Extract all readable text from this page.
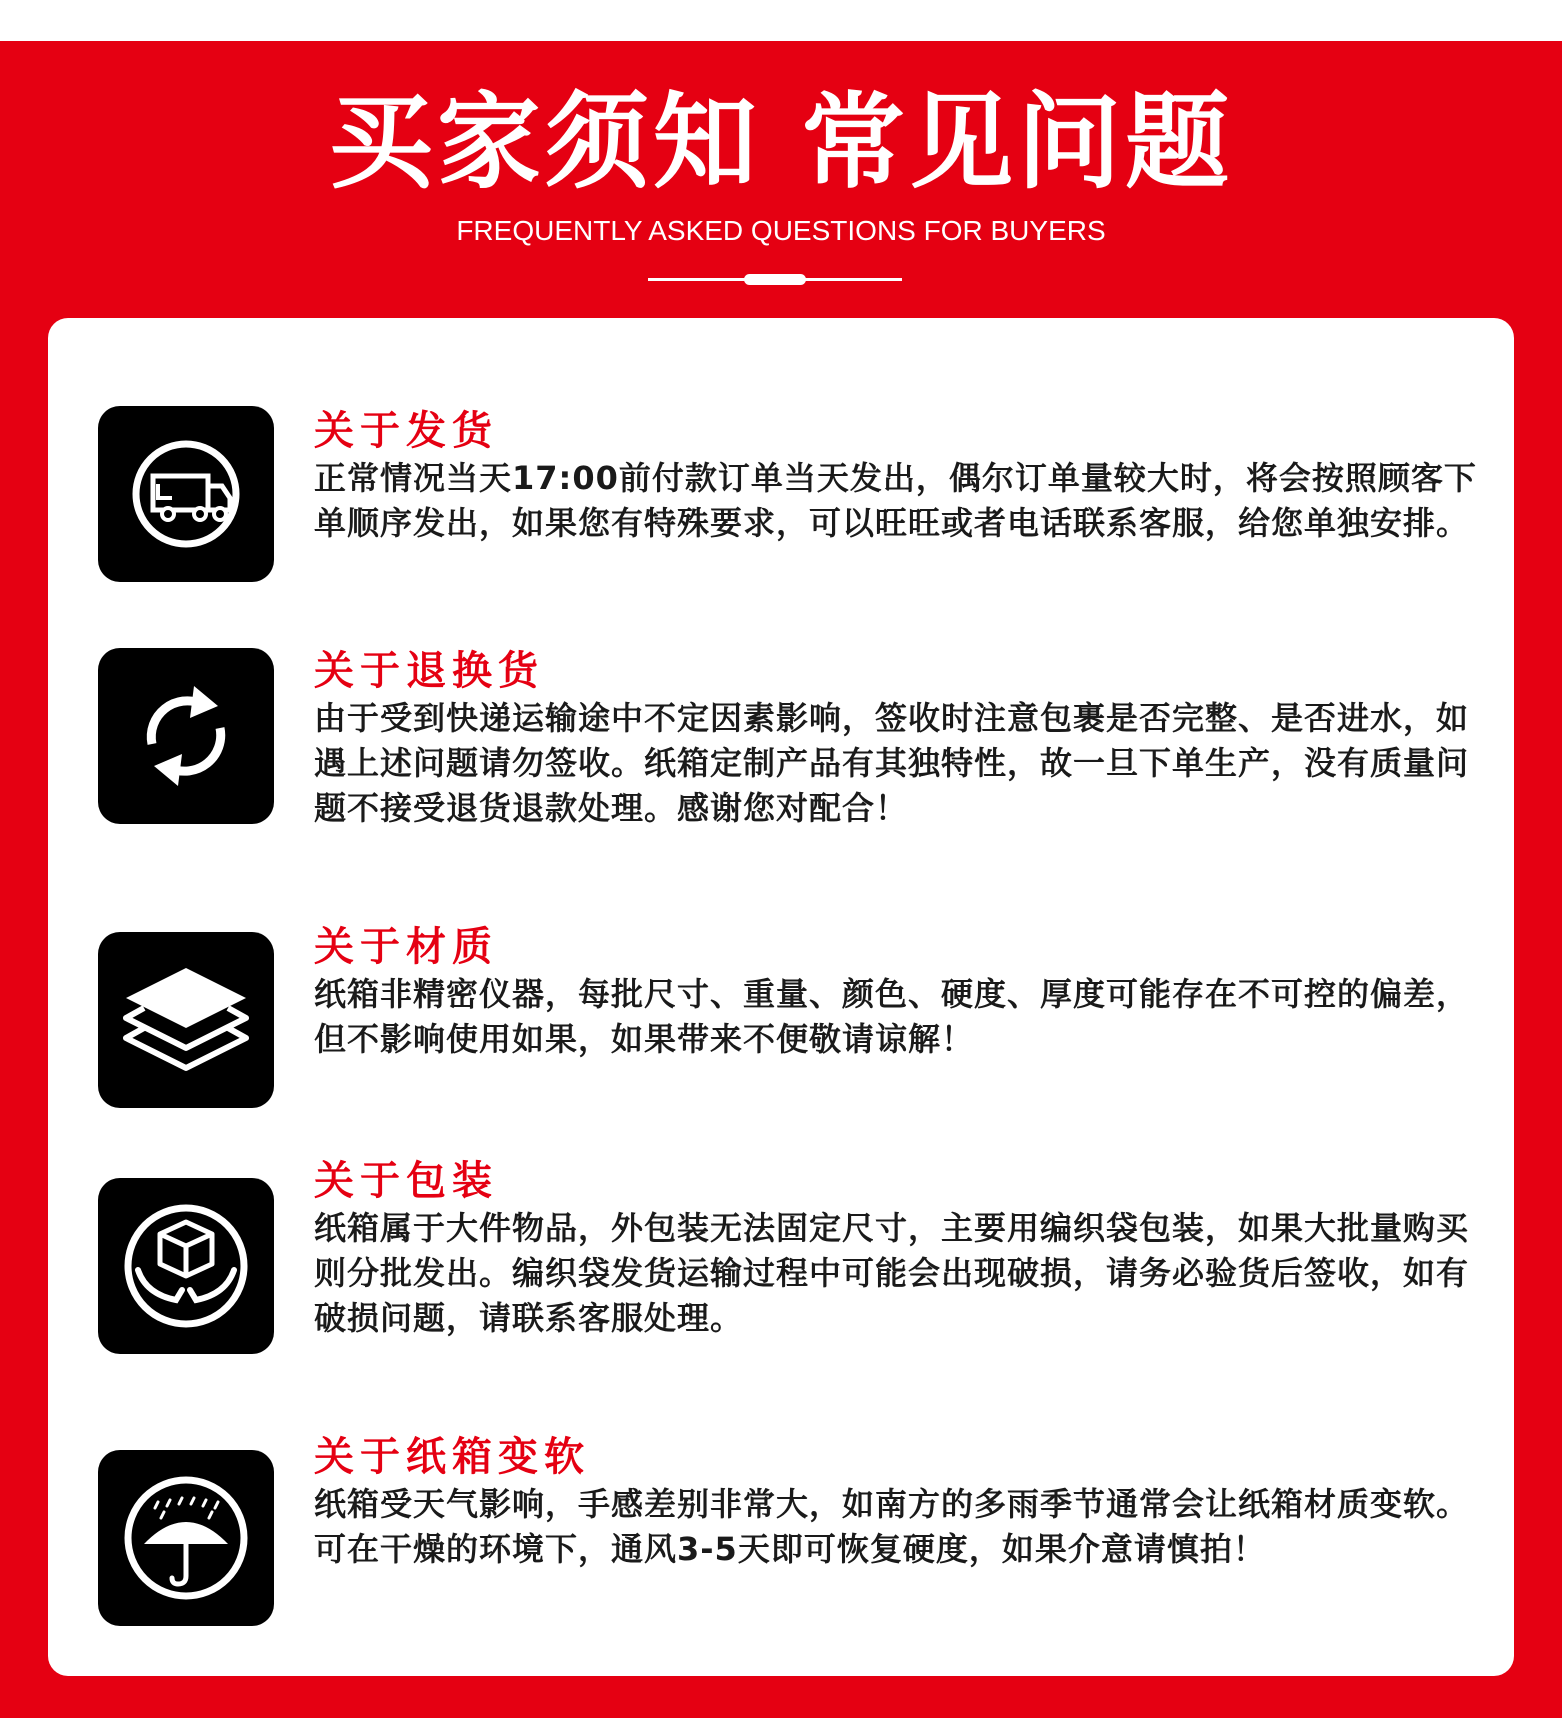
买家须知 常见问题
FREQUENTLY ASKED QUESTIONS FOR BUYERS
关于发货
正常情况当天17:00前付款订单当天发出，偶尔订单量较大时，将会按照顾客下单顺序发出，如果您有特殊要求，可以旺旺或者电话联系客服，给您单独安排。
关于退换货
由于受到快递运输途中不定因素影响，签收时注意包裹是否完整、是否进水，如遇上述问题请勿签收。纸箱定制产品有其独特性，故一旦下单生产，没有质量问题不接受退货退款处理。感谢您对配合！
关于材质
纸箱非精密仪器，每批尺寸、重量、颜色、硬度、厚度可能存在不可控的偏差，但不影响使用如果，如果带来不便敬请谅解！
关于包装
纸箱属于大件物品，外包装无法固定尺寸，主要用编织袋包装，如果大批量购买则分批发出。编织袋发货运输过程中可能会出现破损，请务必验货后签收，如有破损问题，请联系客服处理。
关于纸箱变软
纸箱受天气影响，手感差别非常大，如南方的多雨季节通常会让纸箱材质变软。可在干燥的环境下，通风3-5天即可恢复硬度，如果介意请慎拍！
